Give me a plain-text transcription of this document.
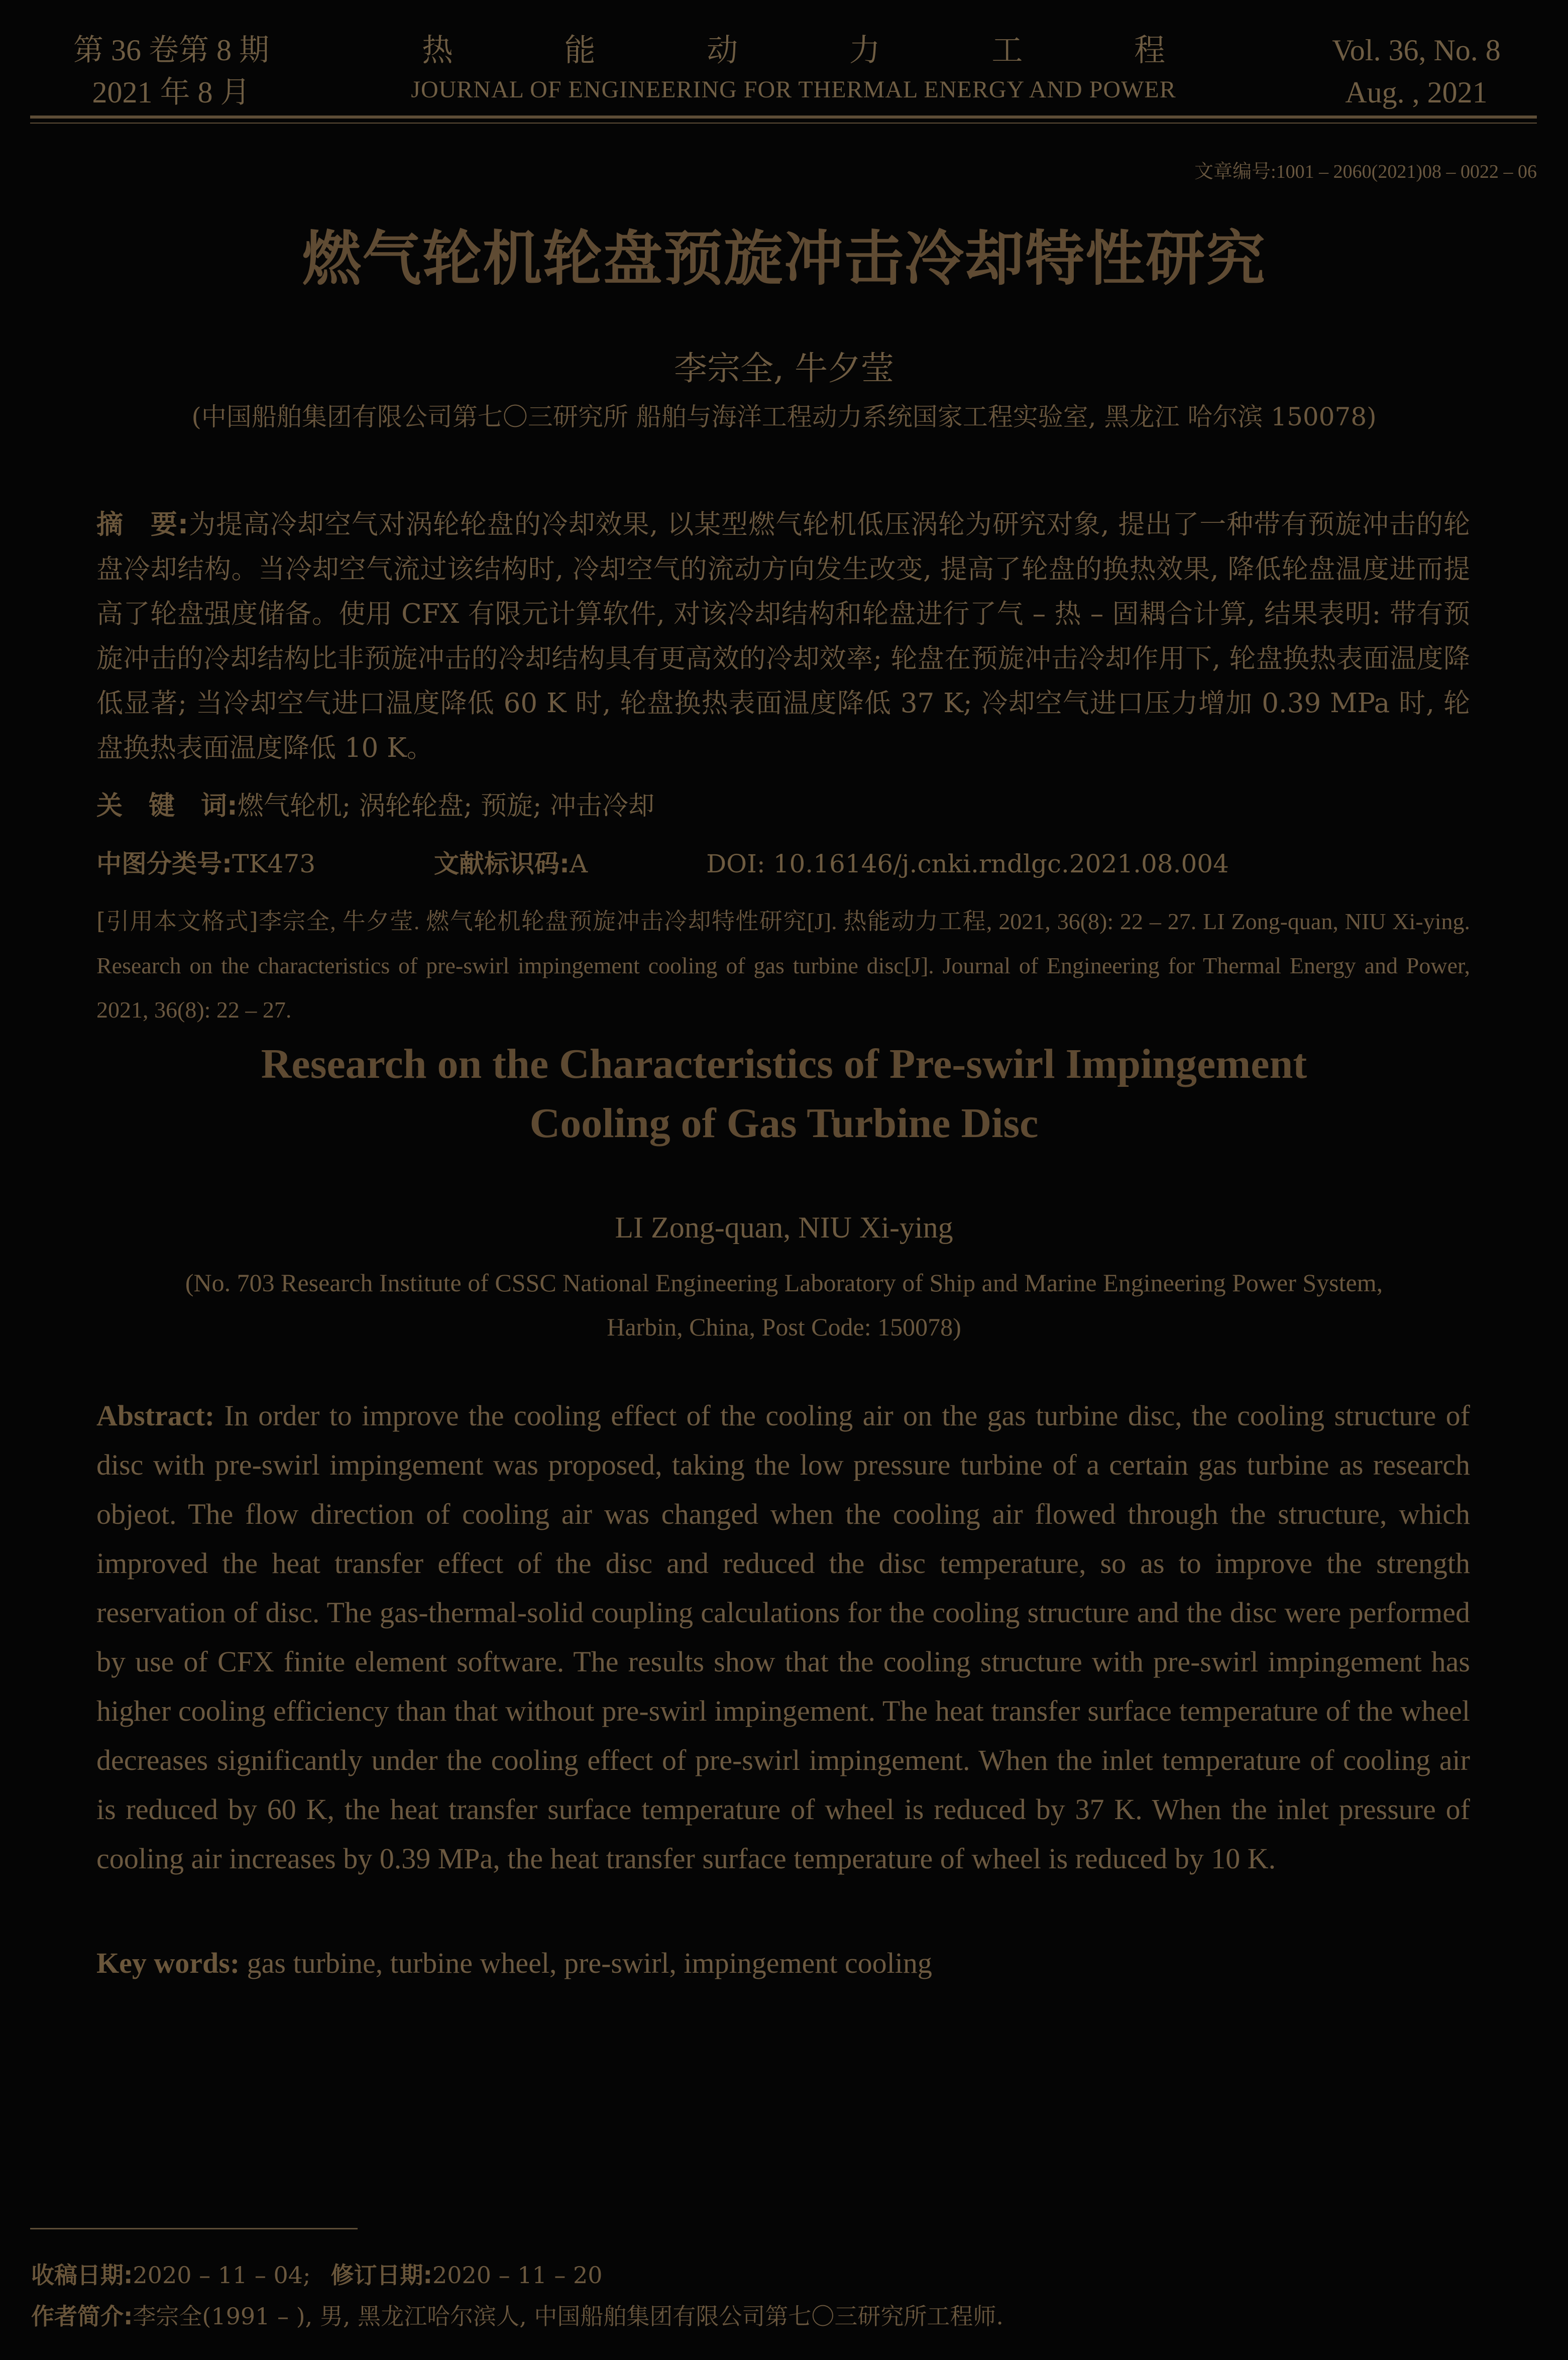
第 36 卷第 8 期
2021 年 8 月
热	能	动	力	工	程
JOURNAL OF ENGINEERING FOR THERMAL ENERGY AND POWER
Vol. 36, No. 8
Aug. , 2021
文章编号:1001 – 2060(2021)08 – 0022 – 06
燃气轮机轮盘预旋冲击冷却特性研究
李宗全, 牛夕莹
(中国船舶集团有限公司第七〇三研究所 船舶与海洋工程动力系统国家工程实验室, 黑龙江 哈尔滨 150078)
摘　要:为提高冷却空气对涡轮轮盘的冷却效果, 以某型燃气轮机低压涡轮为研究对象, 提出了一种带有预旋冲击的轮盘冷却结构。当冷却空气流过该结构时, 冷却空气的流动方向发生改变, 提高了轮盘的换热效果, 降低轮盘温度进而提高了轮盘强度储备。使用 CFX 有限元计算软件, 对该冷却结构和轮盘进行了气 – 热 – 固耦合计算, 结果表明: 带有预旋冲击的冷却结构比非预旋冲击的冷却结构具有更高效的冷却效率; 轮盘在预旋冲击冷却作用下, 轮盘换热表面温度降低显著; 当冷却空气进口温度降低 60 K 时, 轮盘换热表面温度降低 37 K; 冷却空气进口压力增加 0.39 MPa 时, 轮盘换热表面温度降低 10 K。
关　键　词:燃气轮机; 涡轮轮盘; 预旋; 冲击冷却
中图分类号:TK473	文献标识码:A	DOI: 10.16146/j.cnki.rndlgc.2021.08.004
[引用本文格式]李宗全, 牛夕莹. 燃气轮机轮盘预旋冲击冷却特性研究[J]. 热能动力工程, 2021, 36(8): 22 – 27. LI Zong-quan, NIU Xi-ying. Research on the characteristics of pre-swirl impingement cooling of gas turbine disc[J]. Journal of Engineering for Thermal Energy and Power, 2021, 36(8): 22 – 27.
Research on the Characteristics of Pre-swirl Impingement
Cooling of Gas Turbine Disc
LI Zong-quan, NIU Xi-ying
(No. 703 Research Institute of CSSC National Engineering Laboratory of Ship and Marine Engineering Power System, Harbin, China, Post Code: 150078)
Abstract: In order to improve the cooling effect of the cooling air on the gas turbine disc, the cooling structure of disc with pre-swirl impingement was proposed, taking the low pressure turbine of a certain gas turbine as research objeot. The flow direction of cooling air was changed when the cooling air flowed through the structure, which improved the heat transfer effect of the disc and reduced the disc temperature, so as to improve the strength reservation of disc. The gas-thermal-solid coupling calculations for the cooling structure and the disc were performed by use of CFX finite element software. The results show that the cooling structure with pre-swirl impingement has higher cooling efficiency than that without pre-swirl impingement. The heat transfer surface temperature of the wheel decreases significantly under the cooling effect of pre-swirl impingement. When the inlet temperature of cooling air is reduced by 60 K, the heat transfer surface temperature of wheel is reduced by 37 K. When the inlet pressure of cooling air increases by 0.39 MPa, the heat transfer surface temperature of wheel is reduced by 10 K.
Key words: gas turbine, turbine wheel, pre-swirl, impingement cooling
收稿日期:2020 – 11 – 04; 修订日期:2020 – 11 – 20
作者简介:李宗全(1991 – ), 男, 黑龙江哈尔滨人, 中国船舶集团有限公司第七〇三研究所工程师.
